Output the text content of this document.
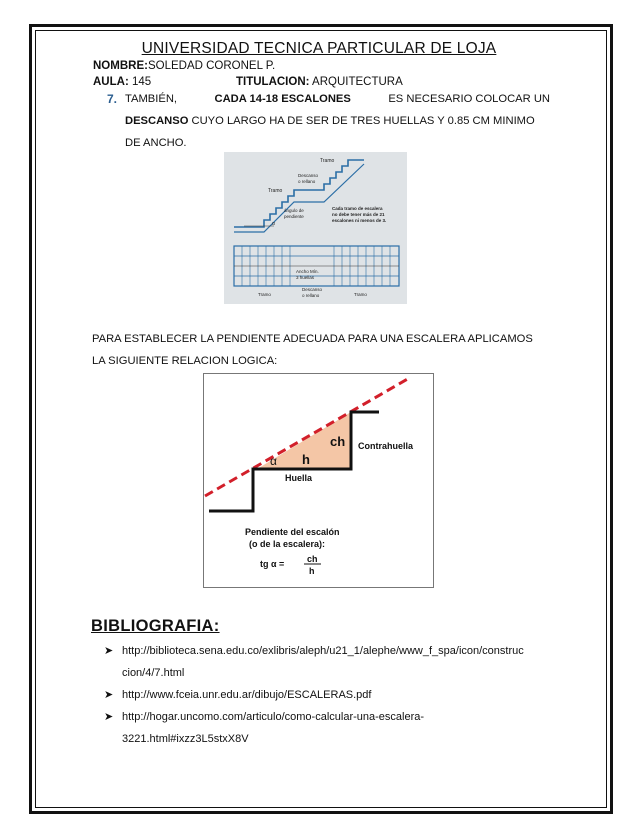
UNIVERSIDAD TECNICA PARTICULAR DE LOJA
NOMBRE:SOLEDAD CORONEL P.
AULA: 145	TITULACION: ARQUITECTURA
7. TAMBIÉN,	CADA 14-18 ESCALONES	ES NECESARIO COLOCAR UN
DESCANSO CUYO LARGO HA DE SER DE TRES HUELLAS Y 0.85 CM MINIMO
DE ANCHO.
Tramo
Tramo
Descanso
o rellano
ángulo de
pendiente
α
Cada tramo de escalera
no debe tener más de 21
escalones ni menos de 3.
Ancho Mín.
3 huellas
Tramo
Descanso
o rellano	Tramo
PARA ESTABLECER LA PENDIENTE ADECUADA PARA UNA ESCALERA APLICAMOS
LA SIGUIENTE RELACION LOGICA:
ch
h
α
Contrahuella
Huella
Pendiente del escalón
(o de la escalera):
tg α =	ch
h
BIBLIOGRAFIA:
➤ http://biblioteca.sena.edu.co/exlibris/aleph/u21_1/alephe/www_f_spa/icon/construc
cion/4/7.html
➤ http://www.fceia.unr.edu.ar/dibujo/ESCALERAS.pdf
➤ http://hogar.uncomo.com/articulo/como-calcular-una-escalera-
3221.html#ixzz3L5stxX8V
